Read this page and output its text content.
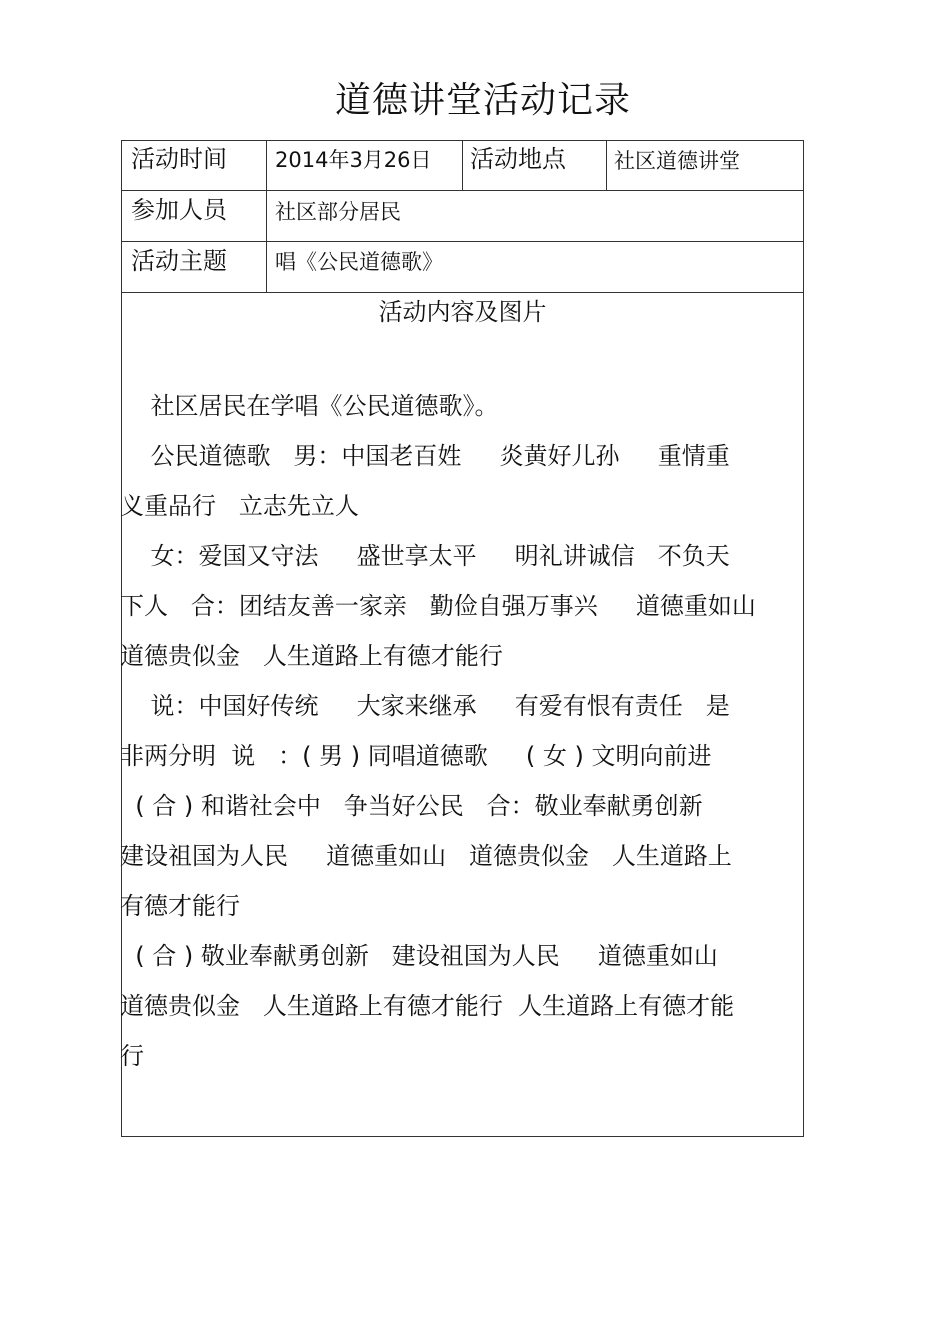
道德讲堂活动记录
活动时间 2014年3月26日 活动地点 社区道德讲堂
参加人员 社区部分居民
活动主题 唱《公民道德歌》
活动内容及图片
社区居民在学唱《公民道德歌》。
公民道德歌   男：中国老百姓     炎黄好儿孙     重情重
义重品行   立志先立人
女：爱国又守法     盛世享太平     明礼讲诚信   不负天
下人   合：团结友善一家亲   勤俭自强万事兴     道德重如山
道德贵似金   人生道路上有德才能行
说：中国好传统     大家来继承     有爱有恨有责任   是
非两分明  说   ：( 男 ) 同唱道德歌     ( 女 ) 文明向前进
( 合 ) 和谐社会中   争当好公民   合：敬业奉献勇创新
建设祖国为人民     道德重如山   道德贵似金   人生道路上
有德才能行
( 合 ) 敬业奉献勇创新   建设祖国为人民     道德重如山
道德贵似金   人生道路上有德才能行  人生道路上有德才能
行
